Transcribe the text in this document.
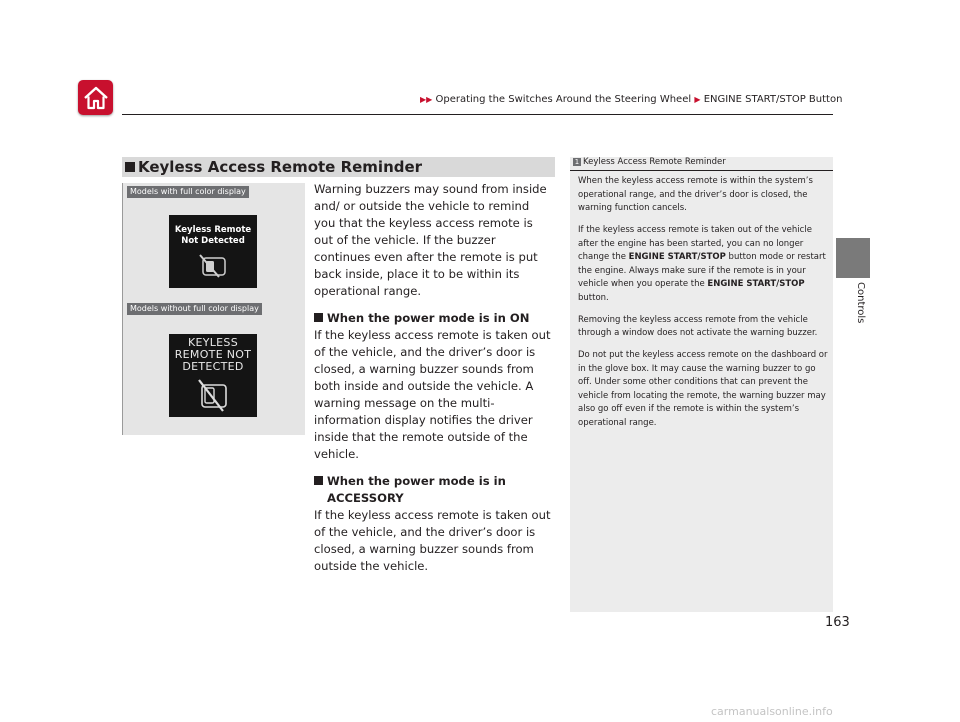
▶▶ Operating the Switches Around the Steering Wheel ▶ ENGINE START/STOP Button
Controls
Keyless Access Remote Reminder
Models with full color display
Keyless Remote
Not Detected
Models without full color display
KEYLESS
REMOTE NOT
DETECTED

Warning buzzers may sound from inside and/ or outside the vehicle to remind you that the keyless access remote is out of the vehicle. If the buzzer continues even after the remote is put back inside, place it to be within its operational range.

When the power mode is in ON

If the keyless access remote is taken out of the vehicle, and the driver’s door is closed, a warning buzzer sounds from both inside and outside the vehicle. A warning message on the multi-information display notifies the driver inside that the remote outside of the vehicle.

When the power mode is in ACCESSORY

If the keyless access remote is taken out of the vehicle, and the driver’s door is closed, a warning buzzer sounds from outside the vehicle.

1 Keyless Access Remote Reminder

When the keyless access remote is within the system’s operational range, and the driver’s door is closed, the warning function cancels.

If the keyless access remote is taken out of the vehicle after the engine has been started, you can no longer change the ENGINE START/STOP button mode or restart the engine. Always make sure if the remote is in your vehicle when you operate the ENGINE START/STOP button.

Removing the keyless access remote from the vehicle through a window does not activate the warning buzzer.

Do not put the keyless access remote on the dashboard or in the glove box. It may cause the warning buzzer to go off. Under some other conditions that can prevent the vehicle from locating the remote, the warning buzzer may also go off even if the remote is within the system’s operational range.

163
carmanualsonline.info
